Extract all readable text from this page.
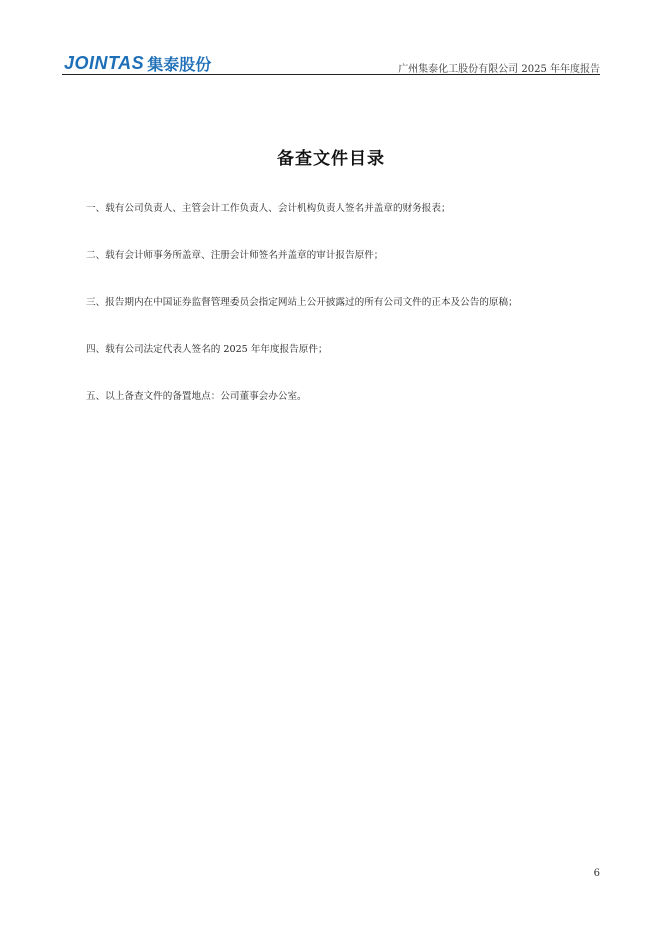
JOINTAS 集泰股份	广州集泰化工股份有限公司 2025 年年度报告
备查文件目录
一、载有公司负责人、主管会计工作负责人、会计机构负责人签名并盖章的财务报表；
二、载有会计师事务所盖章、注册会计师签名并盖章的审计报告原件；
三、报告期内在中国证券监督管理委员会指定网站上公开披露过的所有公司文件的正本及公告的原稿；
四、载有公司法定代表人签名的 2025 年年度报告原件；
五、以上备查文件的备置地点：公司董事会办公室。
6
